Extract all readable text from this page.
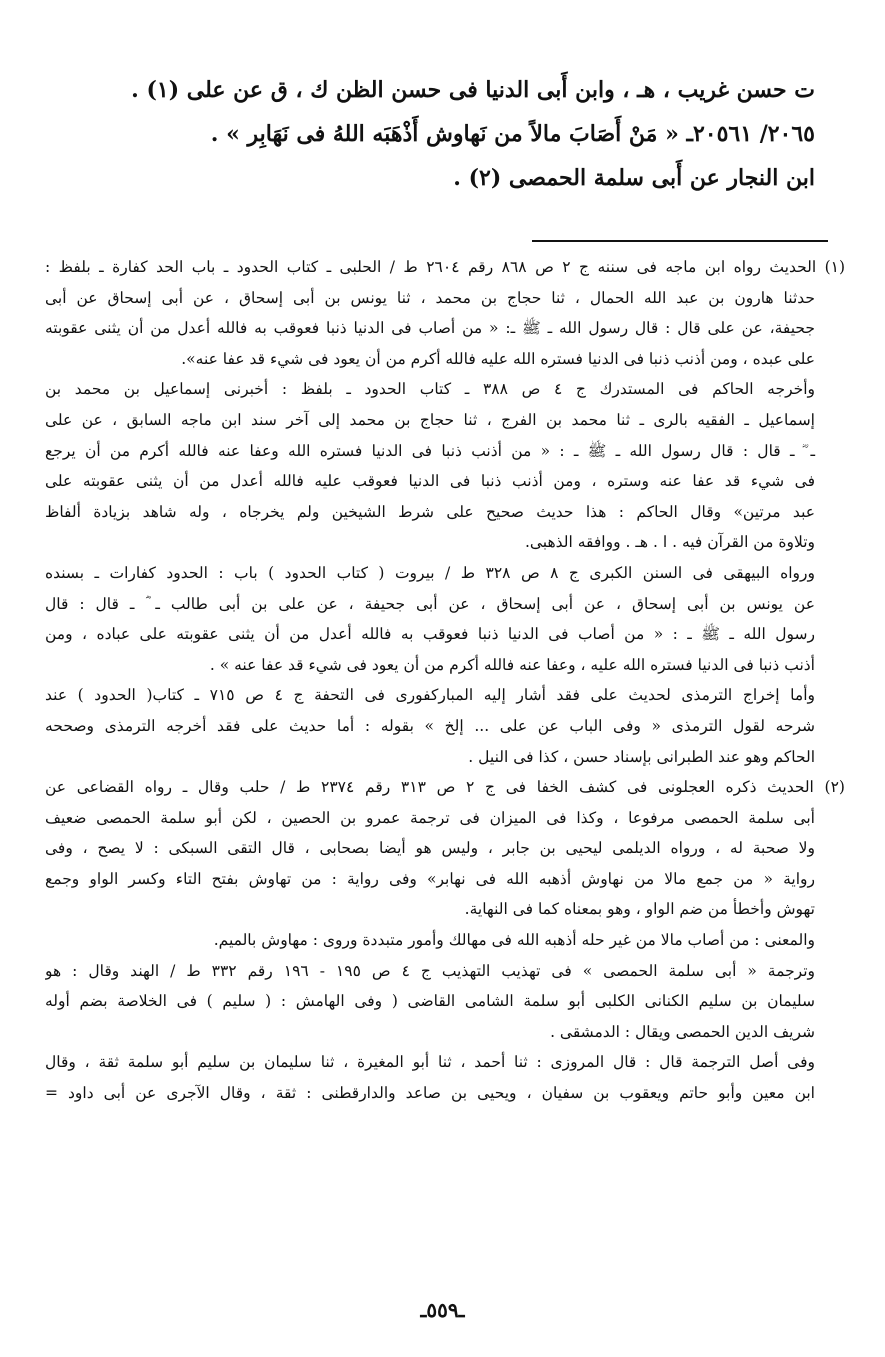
ت حسن غريب ، هـ ، وابن أَبى الدنيا فى حسن الظن ك ، ق عن على (١) .
٢٠٦٥/ ٢٠٥٦١ـ « مَنْ أَصَابَ مالاً من نَهاوش أَذْهَبَه اللهُ فى نَهَابِر » .
ابن النجار عن أَبى سلمة الحمصى (٢) .
(١) الحديث رواه ابن ماجه فى سننه ج ٢ ص ٨٦٨ رقم ٢٦٠٤ ط / الحلبى ـ كتاب الحدود ـ باب الحد كفارة ـ بلفظ :
حدثنا هارون بن عبد الله الحمال ، ثنا حجاج بن محمد ، ثنا يونس بن أبى إسحاق ، عن أبى إسحاق عن أبى
جحيفة، عن على قال : قال رسول الله ـ ﷺ ـ: « من أصاب فى الدنيا ذنبا فعوقب به فالله أعدل من أن يثنى عقوبته
على عبده ، ومن أذنب ذنبا فى الدنيا فستره الله عليه فالله أكرم من أن يعود فى شيء قد عفا عنه».
وأخرجه الحاكم فى المستدرك ج ٤ ص ٣٨٨ ـ كتاب الحدود ـ بلفظ : أخبرنى إسماعيل بن محمد بن
إسماعيل ـ الفقيه بالرى ـ ثنا محمد بن الفرج ، ثنا حجاج بن محمد إلى آخر سند ابن ماجه السابق ، عن على
ـ ؓ ـ قال : قال رسول الله ـ ﷺ ـ : « من أذنب ذنبا فى الدنيا فستره الله وعفا عنه فالله أكرم من أن يرجع
فى شيء قد عفا عنه وستره ، ومن أذنب ذنبا فى الدنيا فعوقب عليه فالله أعدل من أن يثنى عقوبته على
عبد مرتين» وقال الحاكم : هذا حديث صحيح على شرط الشيخين ولم يخرجاه ، وله شاهد بزيادة ألفاظ
وتلاوة من القرآن فيه . ا . هـ . ووافقه الذهبى.
ورواه البيهقى فى السنن الكبرى ج ٨ ص ٣٢٨ ط / بيروت ( كتاب الحدود ) باب : الحدود كفارات ـ بسنده
عن يونس بن أبى إسحاق ، عن أبى إسحاق ، عن أبى جحيفة ، عن على بن أبى طالب ـ ؓ ـ قال : قال
رسول الله ـ ﷺ ـ : « من أصاب فى الدنيا ذنبا فعوقب به فالله أعدل من أن يثنى عقوبته على عباده ، ومن
أذنب ذنبا فى الدنيا فستره الله عليه ، وعفا عنه فالله أكرم من أن يعود فى شيء قد عفا عنه » .
وأما إخراج الترمذى لحديث على فقد أشار إليه المباركفورى فى التحفة ج ٤ ص ٧١٥ ـ كتاب( الحدود ) عند
شرحه لقول الترمذى « وفى الباب عن على ... إلخ » بقوله : أما حديث على فقد أخرجه الترمذى وصححه
الحاكم وهو عند الطبرانى بإسناد حسن ، كذا فى النيل .
(٢) الحديث ذكره العجلونى فى كشف الخفا فى ج ٢ ص ٣١٣ رقم ٢٣٧٤ ط / حلب وقال ـ رواه القضاعى عن
أبى سلمة الحمصى مرفوعا ، وكذا فى الميزان فى ترجمة عمرو بن الحصين ، لكن أبو سلمة الحمصى ضعيف
ولا صحبة له ، ورواه الديلمى ليحيى بن جابر ، وليس هو أيضا بصحابى ، قال التقى السبكى : لا يصح ، وفى
رواية « من جمع مالا من نهاوش أذهبه الله فى نهابر» وفى رواية : من تهاوش بفتح التاء وكسر الواو وجمع
تهوش وأخطأ من ضم الواو ، وهو بمعناه كما فى النهاية.
والمعنى : من أصاب مالا من غير حله أذهبه الله فى مهالك وأمور متبددة وروى : مهاوش بالميم.
وترجمة « أبى سلمة الحمصى » فى تهذيب التهذيب ج ٤ ص ١٩٥ - ١٩٦ رقم ٣٣٢ ط / الهند وقال : هو
سليمان بن سليم الكنانى الكلبى أبو سلمة الشامى القاضى ( وفى الهامش : ( سليم ) فى الخلاصة بضم أوله
شريف الدين الحمصى ويقال : الدمشقى .
وفى أصل الترجمة قال : قال المروزى : ثنا أحمد ، ثنا أبو المغيرة ، ثنا سليمان بن سليم أبو سلمة ثقة ، وقال
ابن معين وأبو حاتم ويعقوب بن سفيان ، ويحيى بن صاعد والدارقطنى : ثقة ، وقال الآجرى عن أبى داود =
ـ٥٥٩ـ
